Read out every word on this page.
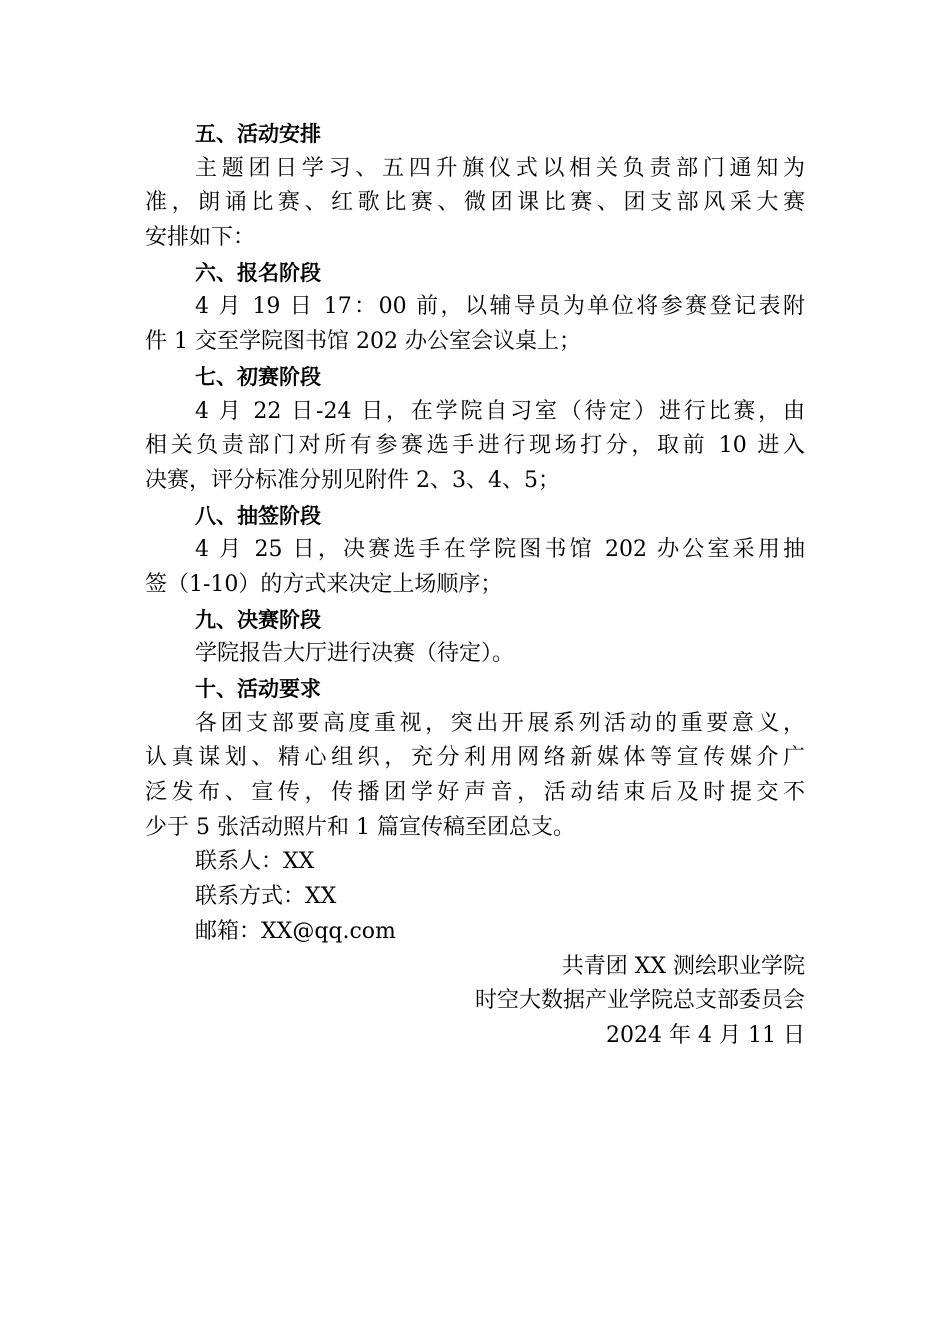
五、活动安排
主题团日学习、五四升旗仪式以相关负责部门通知为
准，朗诵比赛、红歌比赛、微团课比赛、团支部风采大赛
安排如下：
六、报名阶段
4 月 19 日 17：00 前，以辅导员为单位将参赛登记表附
件 1 交至学院图书馆 202 办公室会议桌上；
七、初赛阶段
4 月 22 日-24 日，在学院自习室（待定）进行比赛，由
相关负责部门对所有参赛选手进行现场打分，取前 10 进入
决赛，评分标准分别见附件 2、3、4、5；
八、抽签阶段
4 月 25 日，决赛选手在学院图书馆 202 办公室采用抽
签（1-10）的方式来决定上场顺序；
九、决赛阶段
学院报告大厅进行决赛（待定）。
十、活动要求
各团支部要高度重视，突出开展系列活动的重要意义，
认真谋划、精心组织，充分利用网络新媒体等宣传媒介广
泛发布、宣传，传播团学好声音，活动结束后及时提交不
少于 5 张活动照片和 1 篇宣传稿至团总支。
联系人：XX
联系方式：XX
邮箱：XX@qq.com
共青团 XX 测绘职业学院
时空大数据产业学院总支部委员会
2024 年 4 月 11 日
